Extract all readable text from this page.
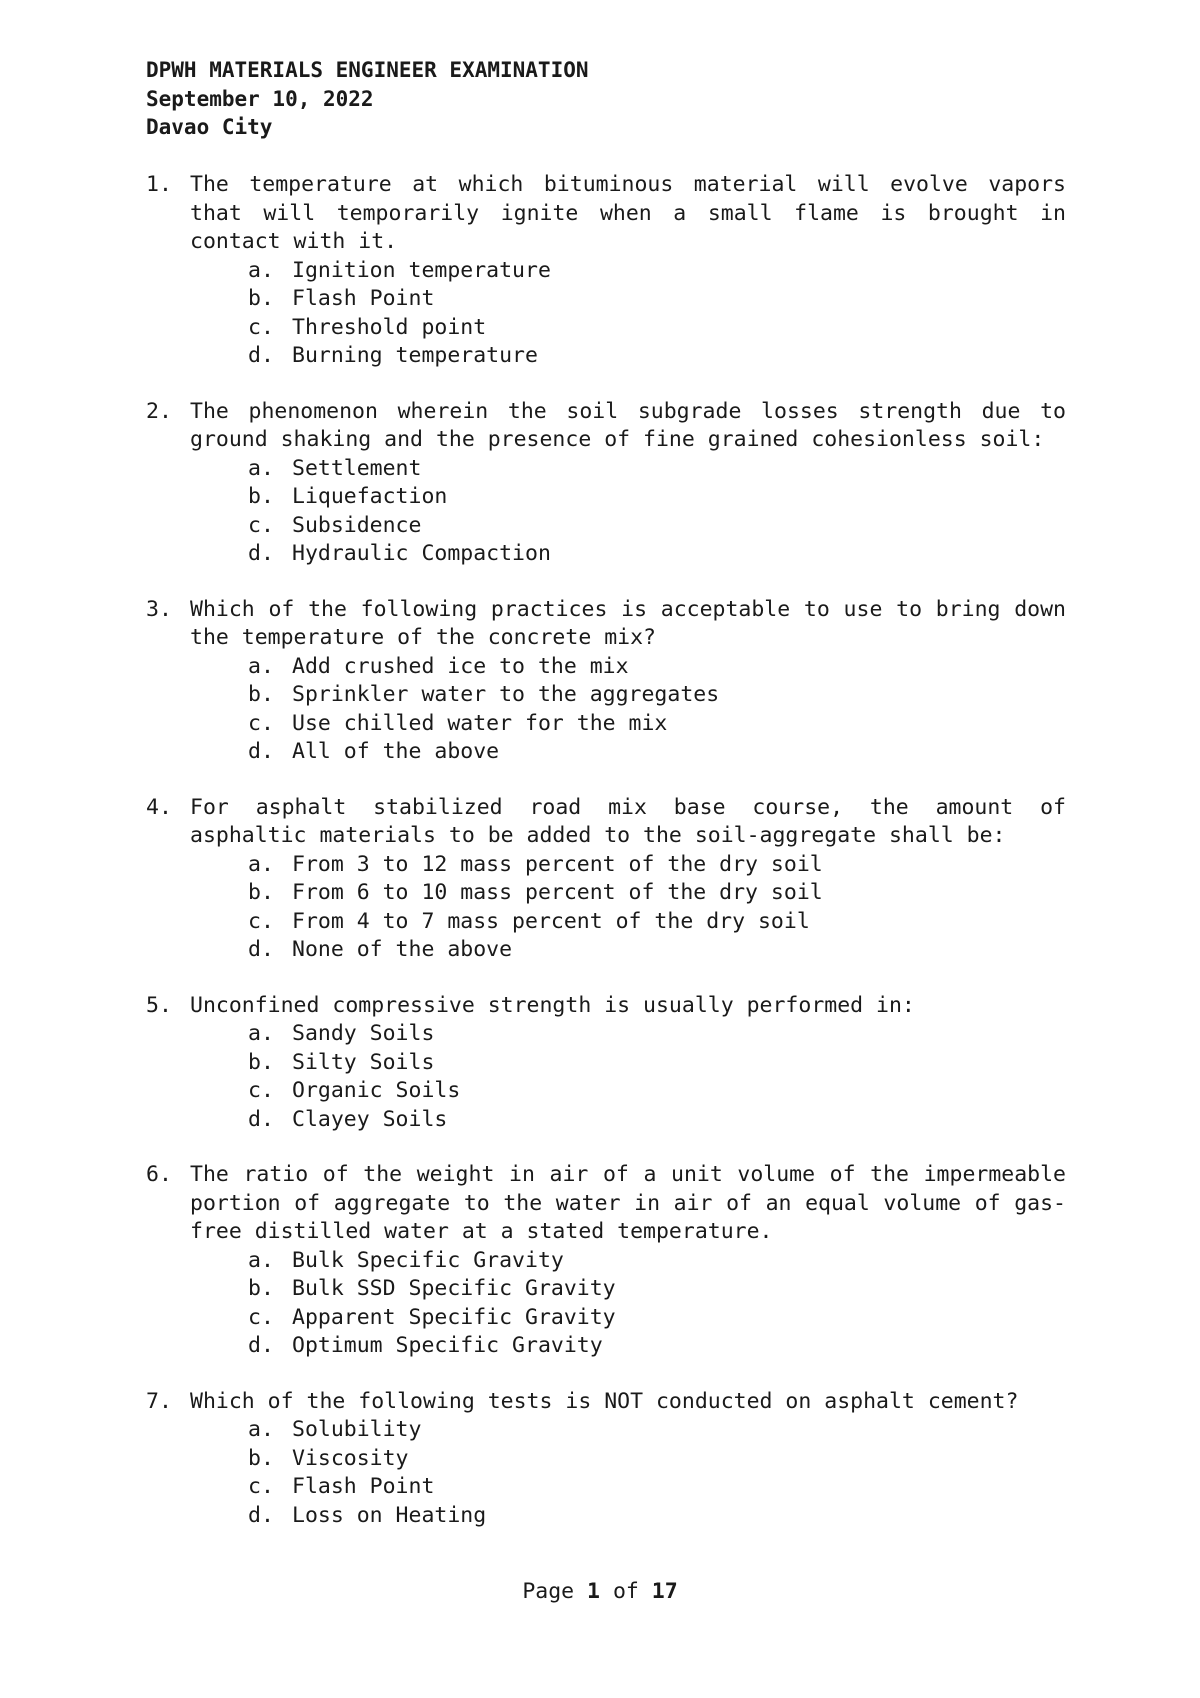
DPWH MATERIALS ENGINEER EXAMINATION
September 10, 2022
Davao City
1. The temperature at which bituminous material will evolve vapors that will temporarily ignite when a small flame is brought in contact with it.
a. Ignition temperature
b. Flash Point
c. Threshold point
d. Burning temperature
2. The phenomenon wherein the soil subgrade losses strength due to ground shaking and the presence of fine grained cohesionless soil:
a. Settlement
b. Liquefaction
c. Subsidence
d. Hydraulic Compaction
3. Which of the following practices is acceptable to use to bring down the temperature of the concrete mix?
a. Add crushed ice to the mix
b. Sprinkler water to the aggregates
c. Use chilled water for the mix
d. All of the above
4. For asphalt stabilized road mix base course, the amount of asphaltic materials to be added to the soil-aggregate shall be:
a. From 3 to 12 mass percent of the dry soil
b. From 6 to 10 mass percent of the dry soil
c. From 4 to 7 mass percent of the dry soil
d. None of the above
5. Unconfined compressive strength is usually performed in:
a. Sandy Soils
b. Silty Soils
c. Organic Soils
d. Clayey Soils
6. The ratio of the weight in air of a unit volume of the impermeable portion of aggregate to the water in air of an equal volume of gas-free distilled water at a stated temperature.
a. Bulk Specific Gravity
b. Bulk SSD Specific Gravity
c. Apparent Specific Gravity
d. Optimum Specific Gravity
7. Which of the following tests is NOT conducted on asphalt cement?
a. Solubility
b. Viscosity
c. Flash Point
d. Loss on Heating
Page 1 of 17
